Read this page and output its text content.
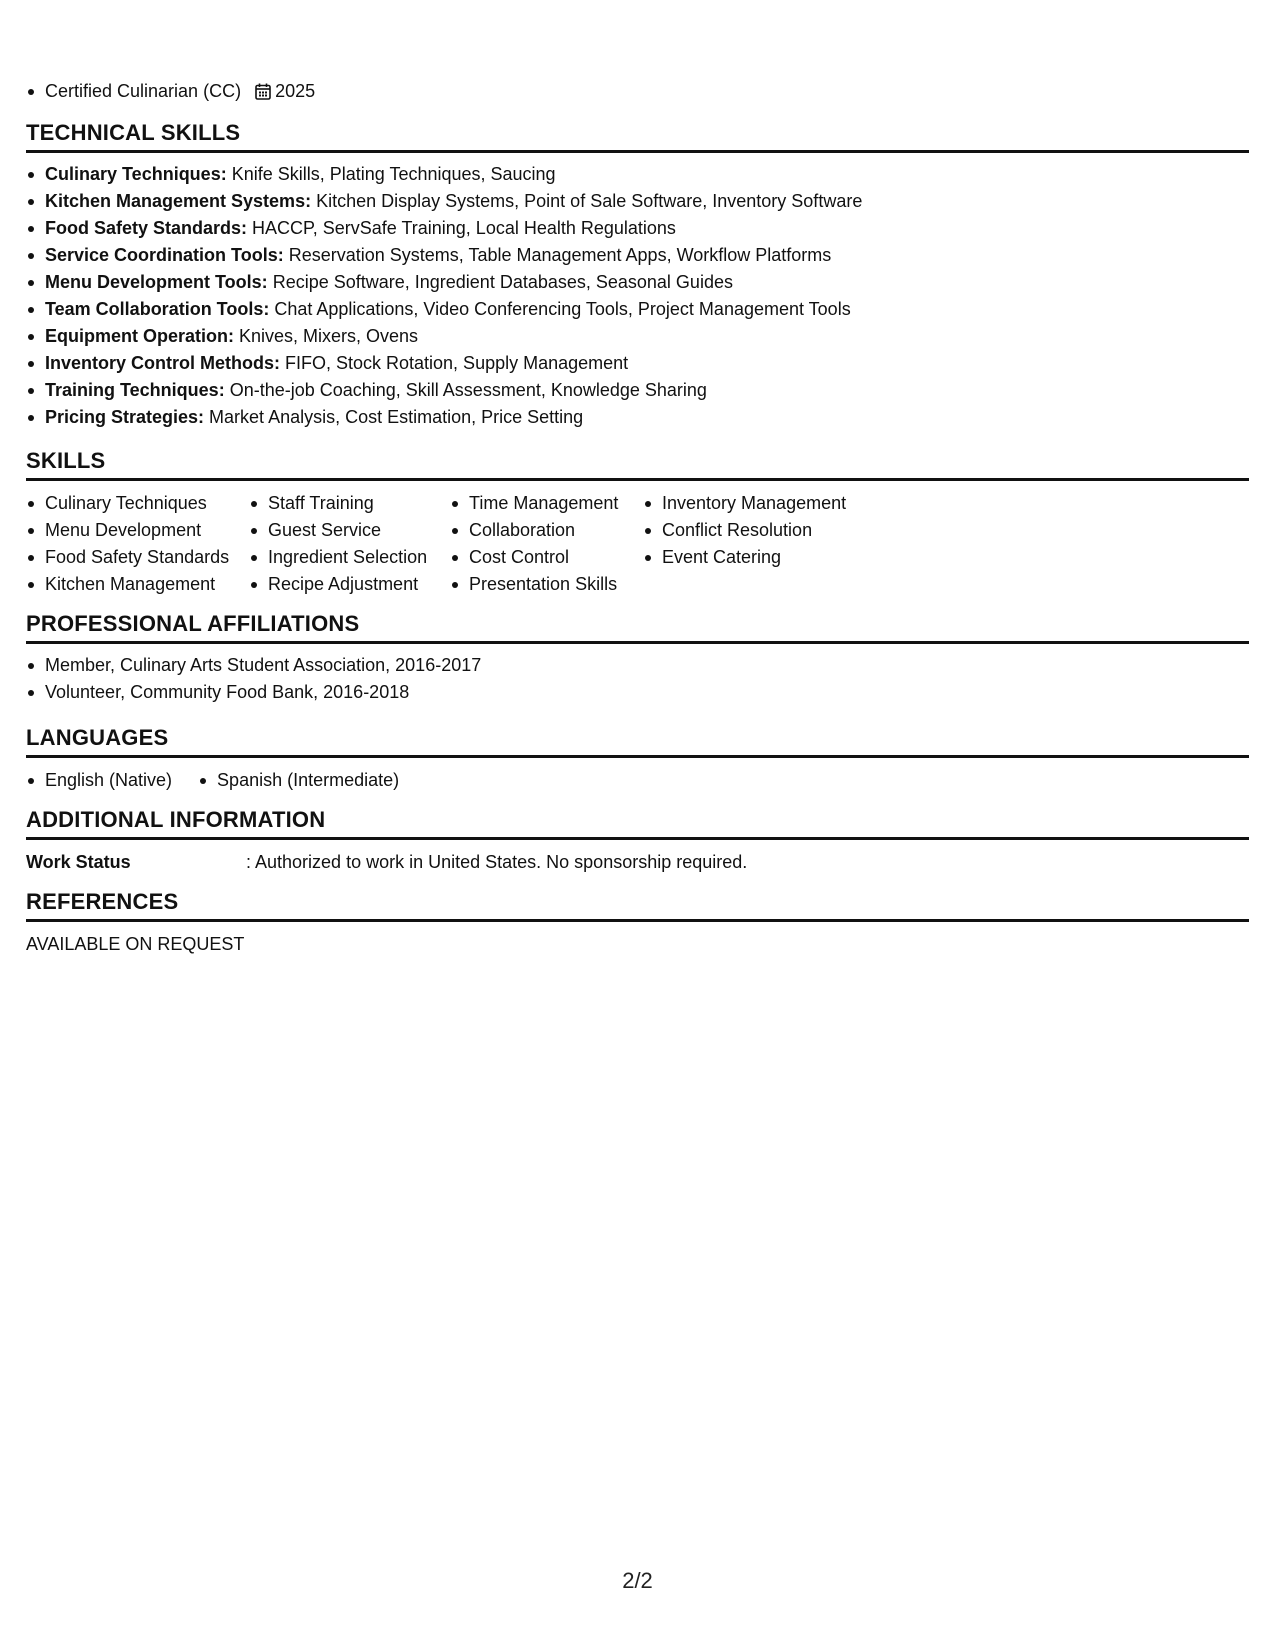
Certified Culinarian (CC) 2025
TECHNICAL SKILLS
Culinary Techniques: Knife Skills, Plating Techniques, Saucing
Kitchen Management Systems: Kitchen Display Systems, Point of Sale Software, Inventory Software
Food Safety Standards: HACCP, ServSafe Training, Local Health Regulations
Service Coordination Tools: Reservation Systems, Table Management Apps, Workflow Platforms
Menu Development Tools: Recipe Software, Ingredient Databases, Seasonal Guides
Team Collaboration Tools: Chat Applications, Video Conferencing Tools, Project Management Tools
Equipment Operation: Knives, Mixers, Ovens
Inventory Control Methods: FIFO, Stock Rotation, Supply Management
Training Techniques: On-the-job Coaching, Skill Assessment, Knowledge Sharing
Pricing Strategies: Market Analysis, Cost Estimation, Price Setting
SKILLS
Culinary Techniques
Menu Development
Food Safety Standards
Kitchen Management
Staff Training
Guest Service
Ingredient Selection
Recipe Adjustment
Time Management
Collaboration
Cost Control
Presentation Skills
Inventory Management
Conflict Resolution
Event Catering
PROFESSIONAL AFFILIATIONS
Member, Culinary Arts Student Association, 2016-2017
Volunteer, Community Food Bank, 2016-2018
LANGUAGES
English (Native)	Spanish (Intermediate)
ADDITIONAL INFORMATION
Work Status	: Authorized to work in United States. No sponsorship required.
REFERENCES
AVAILABLE ON REQUEST
2/2
